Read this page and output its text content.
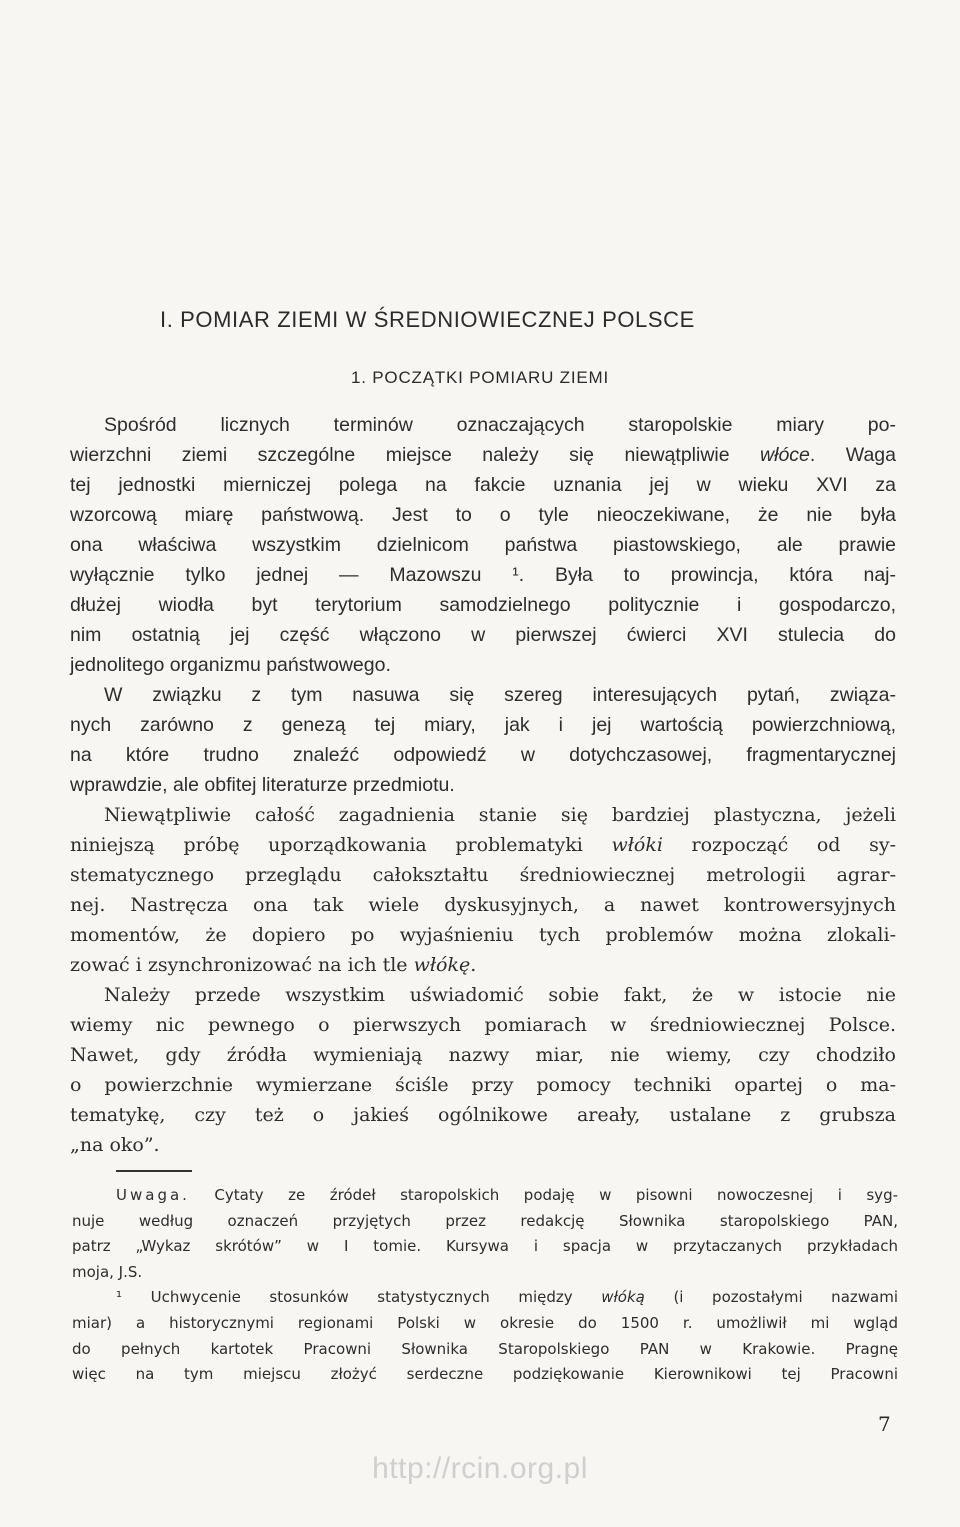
I. POMIAR ZIEMI W ŚREDNIOWIECZNEJ POLSCE
1. POCZĄTKI POMIARU ZIEMI
Spośród licznych terminów oznaczających staropolskie miary po-
wierzchni ziemi szczególne miejsce należy się niewątpliwie włóce. Waga
tej jednostki mierniczej polega na fakcie uznania jej w wieku XVI za
wzorcową miarę państwową. Jest to o tyle nieoczekiwane, że nie była
ona właściwa wszystkim dzielnicom państwa piastowskiego, ale prawie
wyłącznie tylko jednej — Mazowszu ¹. Była to prowincja, która naj-
dłużej wiodła byt terytorium samodzielnego politycznie i gospodarczo,
nim ostatnią jej część włączono w pierwszej ćwierci XVI stulecia do
jednolitego organizmu państwowego.
W związku z tym nasuwa się szereg interesujących pytań, związa-
nych zarówno z genezą tej miary, jak i jej wartością powierzchniową,
na które trudno znaleźć odpowiedź w dotychczasowej, fragmentarycznej
wprawdzie, ale obfitej literaturze przedmiotu.
Niewątpliwie całość zagadnienia stanie się bardziej plastyczna, jeżeli
niniejszą próbę uporządkowania problematyki włóki rozpocząć od sy-
stematycznego przeglądu całokształtu średniowiecznej metrologii agrar-
nej. Nastręcza ona tak wiele dyskusyjnych, a nawet kontrowersyjnych
momentów, że dopiero po wyjaśnieniu tych problemów można zlokali-
zować i zsynchronizować na ich tle włókę.
Należy przede wszystkim uświadomić sobie fakt, że w istocie nie
wiemy nic pewnego o pierwszych pomiarach w średniowiecznej Polsce.
Nawet, gdy źródła wymieniają nazwy miar, nie wiemy, czy chodziło
o powierzchnie wymierzane ściśle przy pomocy techniki opartej o ma-
tematykę, czy też o jakieś ogólnikowe areały, ustalane z grubsza
„na oko”.
Uwaga. Cytaty ze źródeł staropolskich podaję w pisowni nowoczesnej i syg-
nuje według oznaczeń przyjętych przez redakcję Słownika staropolskiego PAN,
patrz „Wykaz skrótów” w I tomie. Kursywa i spacja w przytaczanych przykładach
moja, J.S.
¹ Uchwycenie stosunków statystycznych między włóką (i pozostałymi nazwami
miar) a historycznymi regionami Polski w okresie do 1500 r. umożliwił mi wgląd
do pełnych kartotek Pracowni Słownika Staropolskiego PAN w Krakowie. Pragnę
więc na tym miejscu złożyć serdeczne podziękowanie Kierownikowi tej Pracowni
7
http://rcin.org.pl
